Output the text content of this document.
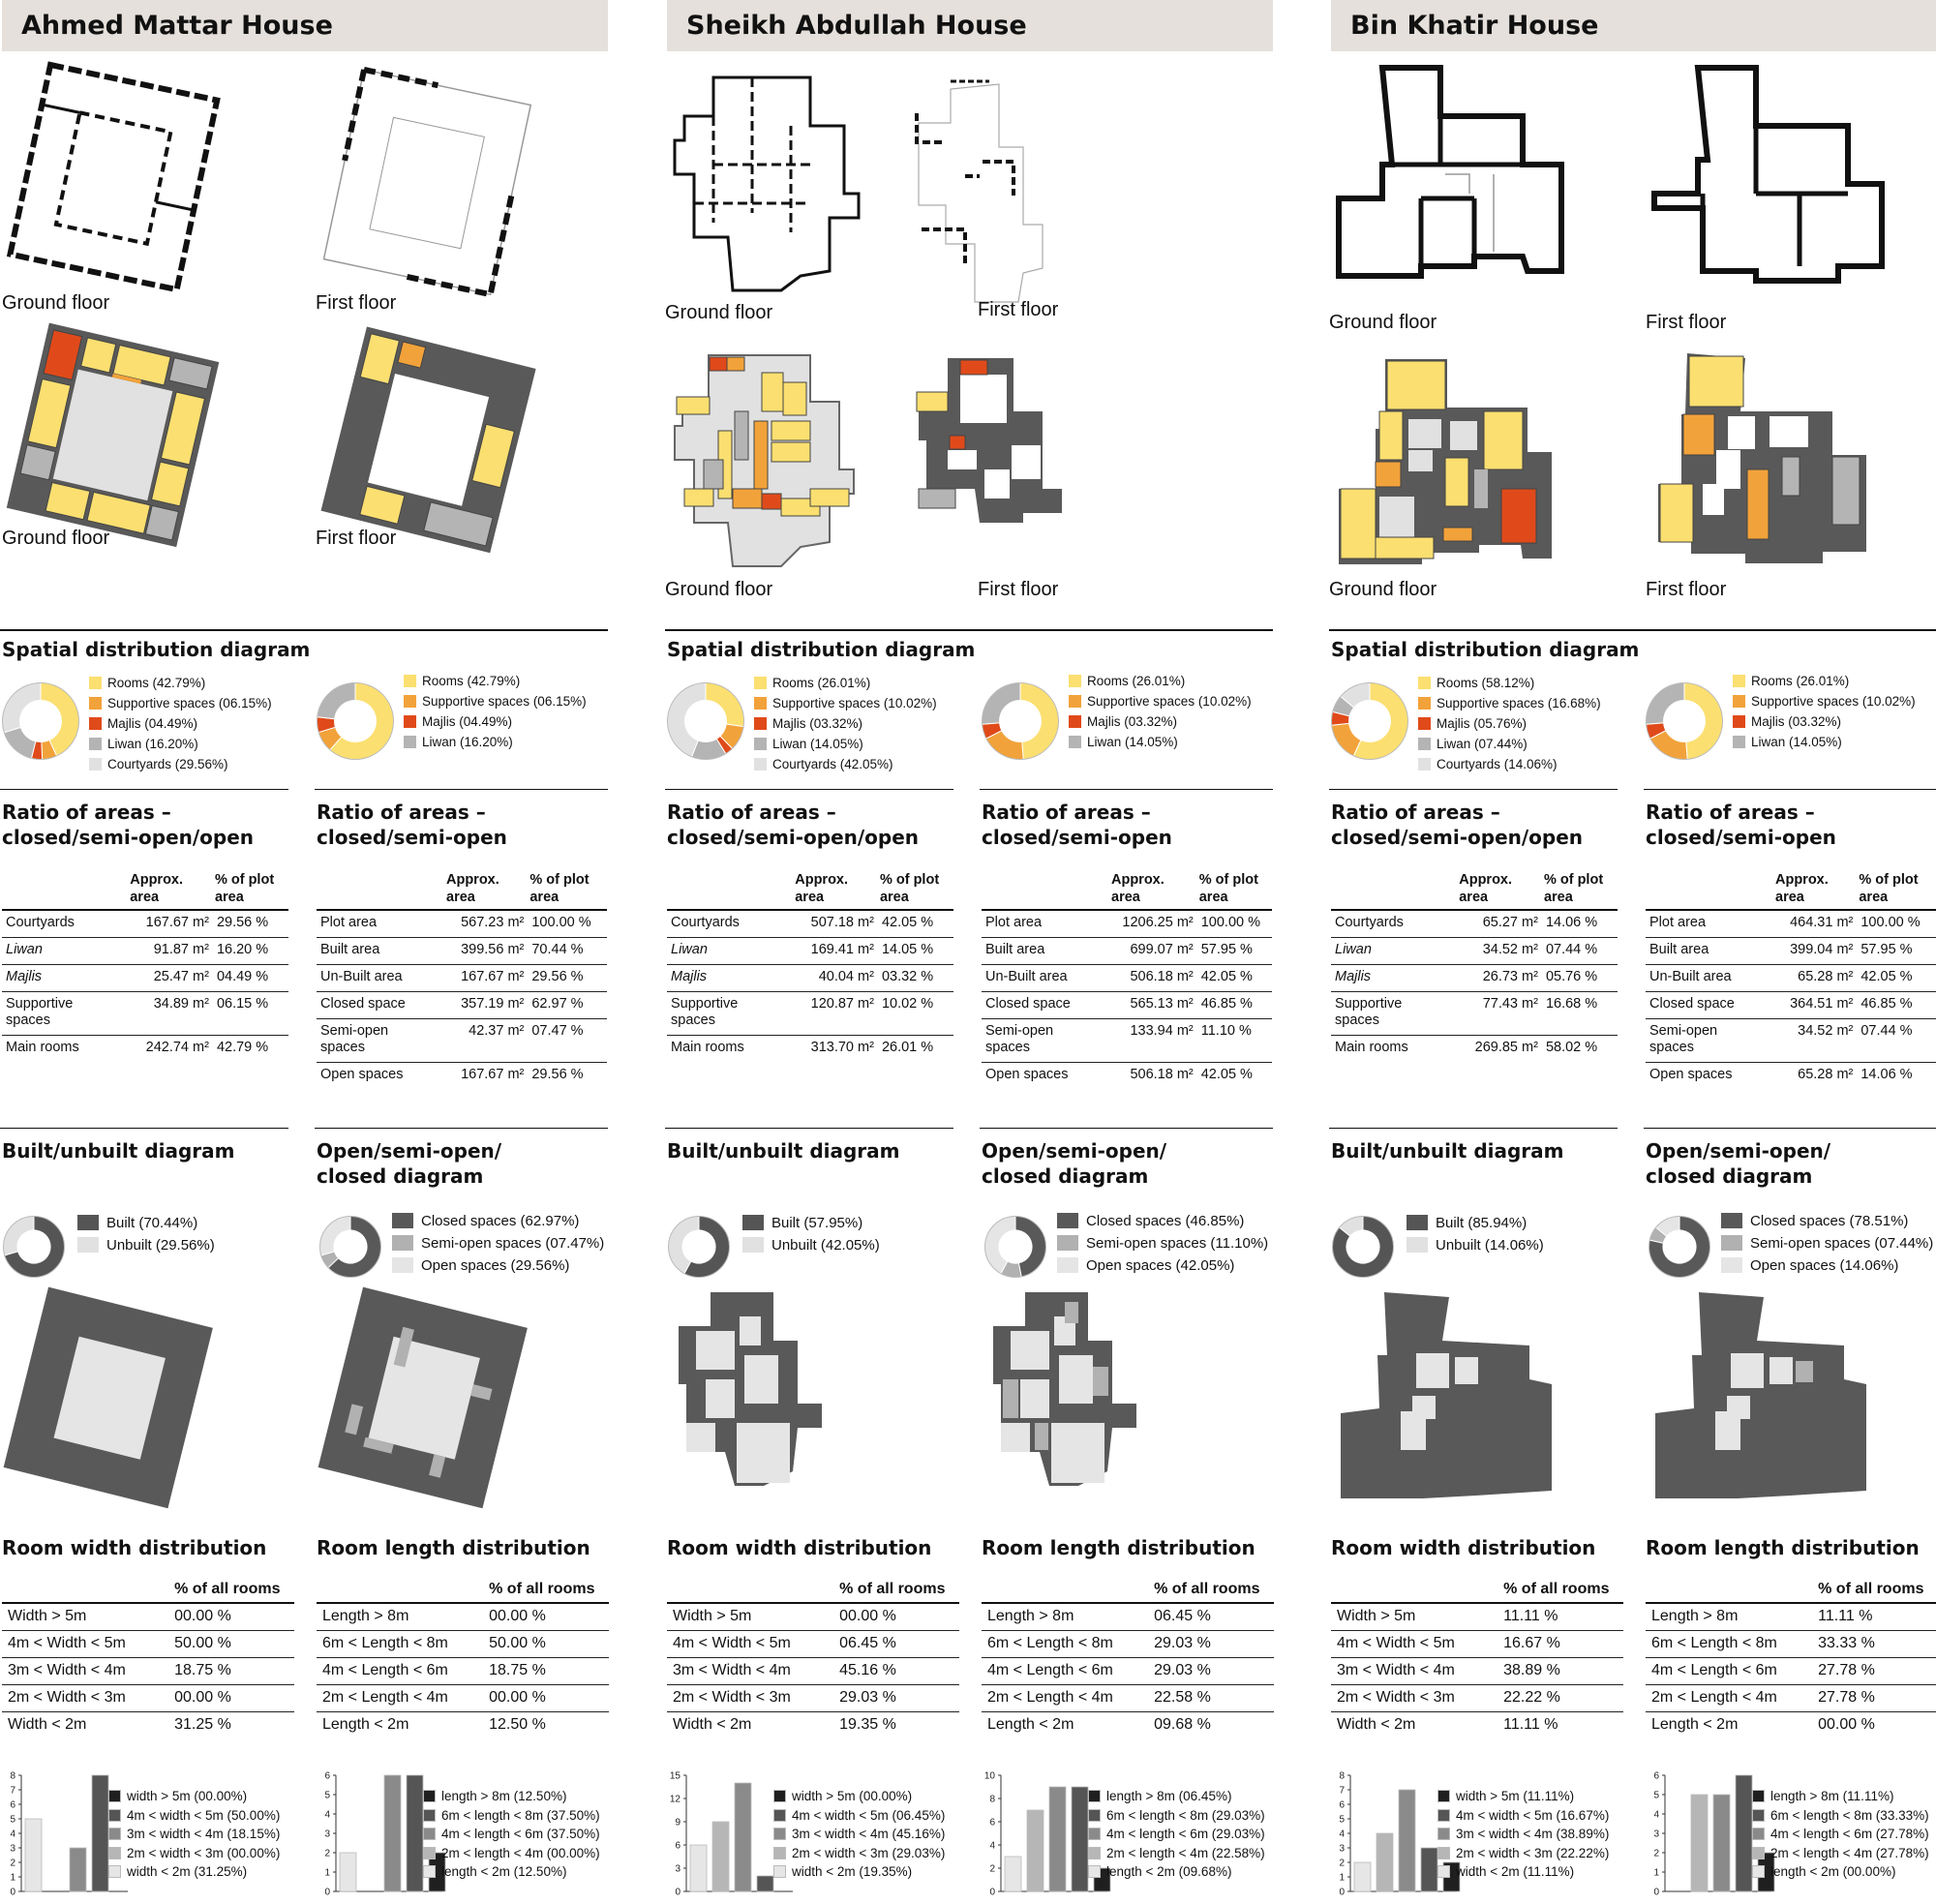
Ahmed Mattar House
Ground floor	First floor
Ground floor	First floor
Spatial distribution diagram
Rooms (42.79%)
Supportive spaces (06.15%)
Majlis (04.49%)
Liwan (16.20%)
Courtyards (29.56%)
Rooms (42.79%)
Supportive spaces (06.15%)
Majlis (04.49%)
Liwan (16.20%)
Ratio of areas –
closed/semi-open/open
Ratio of areas –
closed/semi-open
	Approx.
area	% of plot
area
Courtyards	167.67 m²	29.56 %
Liwan	91.87 m²	16.20 %
Majlis	25.47 m²	04.49 %
Supportive
spaces	34.89 m²	06.15 %
Main rooms	242.74 m²	42.79 %
	Approx.
area	% of plot
area
Plot area	567.23 m²	100.00 %
Built area	399.56 m²	70.44 %
Un-Built area	167.67 m²	29.56 %
Closed space	357.19 m²	62.97 %
Semi-open
spaces	42.37 m²	07.47 %
Open spaces	167.67 m²	29.56 %
Built/unbuilt diagram	Open/semi-open/
closed diagram
Built (70.44%)
Unbuilt (29.56%)
Closed spaces (62.97%)
Semi-open spaces (07.47%)
Open spaces (29.56%)
Room width distribution	Room length distribution
	% of all rooms
Width > 5m	00.00 %
4m < Width < 5m	50.00 %
3m < Width < 4m	18.75 %
2m < Width < 3m	00.00 %
Width < 2m	31.25 %
	% of all rooms
Length > 8m	00.00 %
6m < Length < 8m	50.00 %
4m < Length < 6m	18.75 %
2m < Length < 4m	00.00 %
Length < 2m	12.50 %
0
1
2
3
4
5
6
7
8
0
1
2
3
4
5
6
width > 5m (00.00%)
4m < width < 5m (50.00%)
3m < width < 4m (18.15%)
2m < width < 3m (00.00%)
width < 2m (31.25%)
length > 8m (12.50%)
6m < length < 8m (37.50%)
4m < length < 6m (37.50%)
2m < length < 4m (00.00%)
length < 2m (12.50%)
Sheikh Abdullah House
Ground floor	First floor
Ground floor	First floor
Spatial distribution diagram
Rooms (26.01%)
Supportive spaces (10.02%)
Majlis (03.32%)
Liwan (14.05%)
Courtyards (42.05%)
Rooms (26.01%)
Supportive spaces (10.02%)
Majlis (03.32%)
Liwan (14.05%)
Ratio of areas –
closed/semi-open/open
Ratio of areas –
closed/semi-open
	Approx.
area	% of plot
area
Courtyards	507.18 m²	42.05 %
Liwan	169.41 m²	14.05 %
Majlis	40.04 m²	03.32 %
Supportive
spaces	120.87 m²	10.02 %
Main rooms	313.70 m²	26.01 %
	Approx.
area	% of plot
area
Plot area	1206.25 m²	100.00 %
Built area	699.07 m²	57.95 %
Un-Built area	506.18 m²	42.05 %
Closed space	565.13 m²	46.85 %
Semi-open
spaces	133.94 m²	11.10 %
Open spaces	506.18 m²	42.05 %
Built/unbuilt diagram	Open/semi-open/
closed diagram
Built (57.95%)
Unbuilt (42.05%)
Closed spaces (46.85%)
Semi-open spaces (11.10%)
Open spaces (42.05%)
Room width distribution	Room length distribution
	% of all rooms
Width > 5m	00.00 %
4m < Width < 5m	06.45 %
3m < Width < 4m	45.16 %
2m < Width < 3m	29.03 %
Width < 2m	19.35 %
	% of all rooms
Length > 8m	06.45 %
6m < Length < 8m	29.03 %
4m < Length < 6m	29.03 %
2m < Length < 4m	22.58 %
Length < 2m	09.68 %
0
3
6
9
12
15
0
2
4
6
8
10
width > 5m (00.00%)
4m < width < 5m (06.45%)
3m < width < 4m (45.16%)
2m < width < 3m (29.03%)
width < 2m (19.35%)
length > 8m (06.45%)
6m < length < 8m (29.03%)
4m < length < 6m (29.03%)
2m < length < 4m (22.58%)
length < 2m (09.68%)
Bin Khatir House
Ground floor	First floor
Ground floor	First floor
Spatial distribution diagram
Rooms (58.12%)
Supportive spaces (16.68%)
Majlis (05.76%)
Liwan (07.44%)
Courtyards (14.06%)
Rooms (26.01%)
Supportive spaces (10.02%)
Majlis (03.32%)
Liwan (14.05%)
Ratio of areas –
closed/semi-open/open
Ratio of areas –
closed/semi-open
	Approx.
area	% of plot
area
Courtyards	65.27 m²	14.06 %
Liwan	34.52 m²	07.44 %
Majlis	26.73 m²	05.76 %
Supportive
spaces	77.43 m²	16.68 %
Main rooms	269.85 m²	58.02 %
	Approx.
area	% of plot
area
Plot area	464.31 m²	100.00 %
Built area	399.04 m²	57.95 %
Un-Built area	65.28 m²	42.05 %
Closed space	364.51 m²	46.85 %
Semi-open
spaces	34.52 m²	07.44 %
Open spaces	65.28 m²	14.06 %
Built/unbuilt diagram	Open/semi-open/
closed diagram
Built (85.94%)
Unbuilt (14.06%)
Closed spaces (78.51%)
Semi-open spaces (07.44%)
Open spaces (14.06%)
Room width distribution	Room length distribution
	% of all rooms
Width > 5m	11.11 %
4m < Width < 5m	16.67 %
3m < Width < 4m	38.89 %
2m < Width < 3m	22.22 %
Width < 2m	11.11 %
	% of all rooms
Length > 8m	11.11 %
6m < Length < 8m	33.33 %
4m < Length < 6m	27.78 %
2m < Length < 4m	27.78 %
Length < 2m	00.00 %
0
1
2
3
4
5
6
7
8
0
1
2
3
4
5
6
width > 5m (11.11%)
4m < width < 5m (16.67%)
3m < width < 4m (38.89%)
2m < width < 3m (22.22%)
width < 2m (11.11%)
length > 8m (11.11%)
6m < length < 8m (33.33%)
4m < length < 6m (27.78%)
2m < length < 4m (27.78%)
length < 2m (00.00%)
